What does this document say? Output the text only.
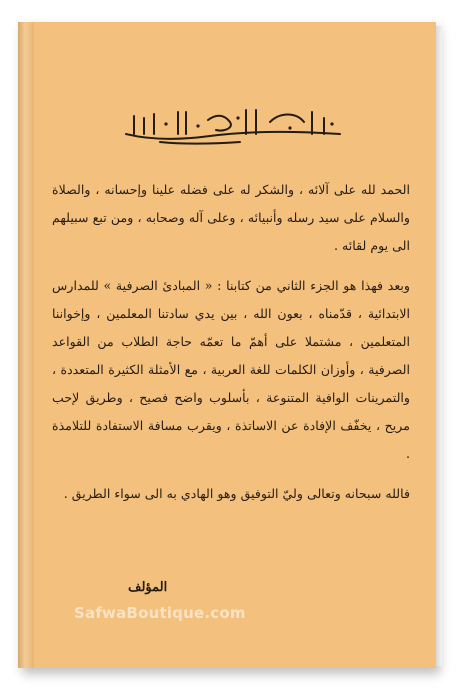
بسم الله الرحمن الرحيم

الحمد لله على آلائه ، والشكر له على فضله علينا وإحسانه ، والصلاة والسلام على سيد رسله وأنبيائه ، وعلى آله وصحابه ، ومن تبع سبيلهم الى يوم لقائه .

وبعد فهذا هو الجزء الثاني من كتابنا : « المبادئ الصرفية » للمدارس الابتدائية ، قدّمناه ، بعون الله ، بين يدي سادتنا المعلمين ، وإخواننا المتعلمين ، مشتملا على أهمّ ما تعمّه حاجة الطلاب من القواعد الصرفية ، وأوزان الكلمات للغة العربية ، مع الأمثلة الكثيرة المتعددة ، والتمرينات الوافية المتنوعة ، بأسلوب واضح فصيح ، وطريق لإحب مريح ، يخفّف الإفادة عن الاساتذة ، ويقرب مسافة الاستفادة للتلامذة .

فالله سبحانه وتعالى وليّ التوفيق وهو الهادي به الى سواء الطريق .

المؤلف
SafwaBoutique.com
